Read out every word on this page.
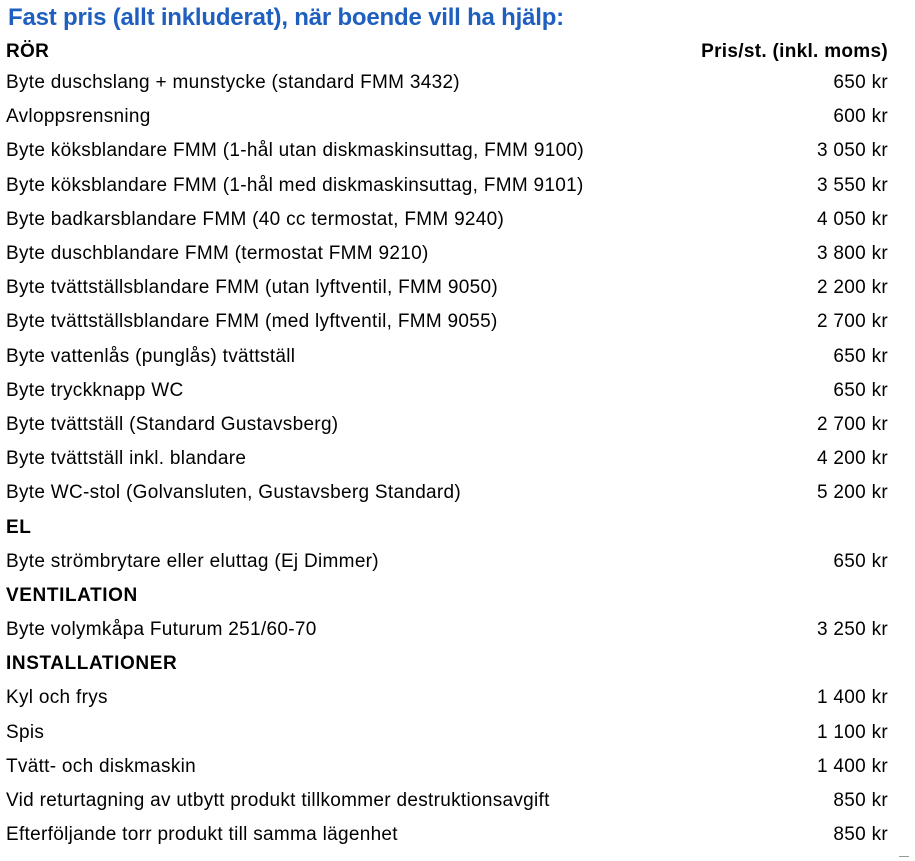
Fast pris (allt inkluderat), när boende vill ha hjälp:
RÖR	Pris/st. (inkl. moms)
Byte duschslang + munstycke (standard FMM 3432)	650 kr
Avloppsrensning	600 kr
Byte köksblandare FMM (1-hål utan diskmaskinsuttag, FMM 9100)	3 050 kr
Byte köksblandare FMM (1-hål med diskmaskinsuttag, FMM 9101)	3 550 kr
Byte badkarsblandare FMM (40 cc termostat, FMM 9240)	4 050 kr
Byte duschblandare FMM (termostat FMM 9210)	3 800 kr
Byte tvättställsblandare FMM (utan lyftventil, FMM 9050)	2 200 kr
Byte tvättställsblandare FMM (med lyftventil, FMM 9055)	2 700 kr
Byte vattenlås (punglås) tvättställ	650 kr
Byte tryckknapp WC	650 kr
Byte tvättställ (Standard Gustavsberg)	2 700 kr
Byte tvättställ inkl. blandare	4 200 kr
Byte WC-stol (Golvansluten, Gustavsberg Standard)	5 200 kr
EL
Byte strömbrytare eller eluttag (Ej Dimmer)	650 kr
VENTILATION
Byte volymkåpa Futurum 251/60-70	3 250 kr
INSTALLATIONER
Kyl och frys	1 400 kr
Spis	1 100 kr
Tvätt- och diskmaskin	1 400 kr
Vid returtagning av utbytt produkt tillkommer destruktionsavgift	850 kr
Efterföljande torr produkt till samma lägenhet	850 kr
